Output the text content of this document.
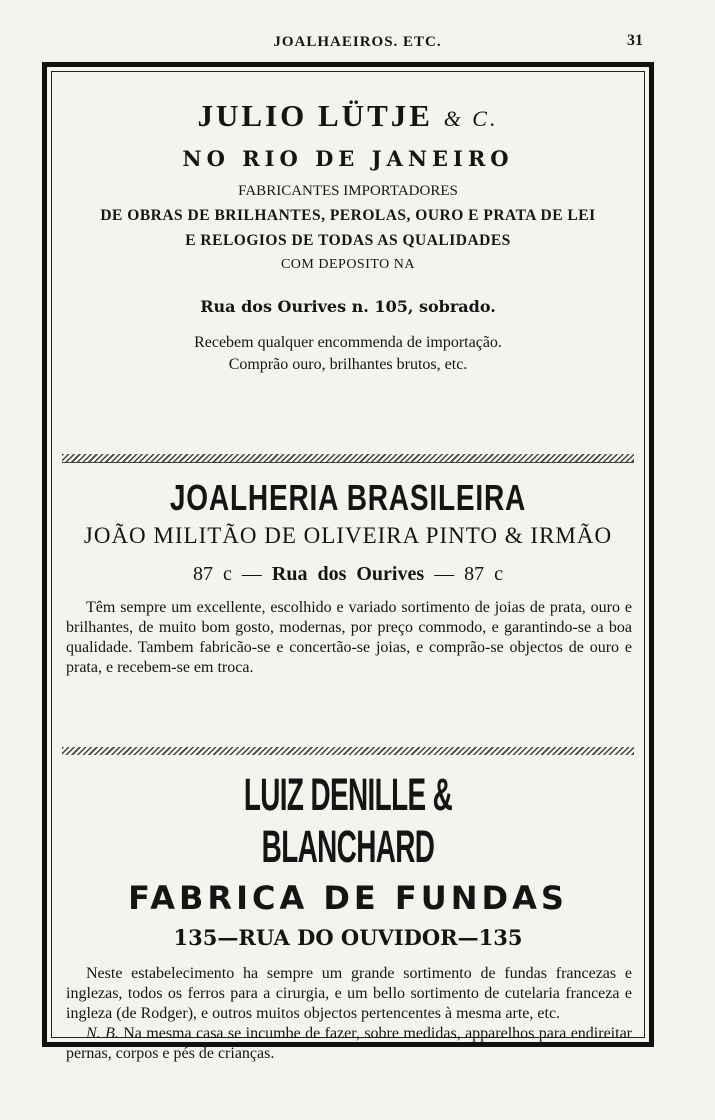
JOALHAEIROS. ETC.	31

JULIO LÜTJE & C.

NO RIO DE JANEIRO

FABRICANTES IMPORTADORES

DE OBRAS DE BRILHANTES, PEROLAS, OURO E PRATA DE LEI

E RELOGIOS DE TODAS AS QUALIDADES

COM DEPOSITO NA

Rua dos Ourives n. 105, sobrado.

Recebem qualquer encommenda de importação.

Comprão ouro, brilhantes brutos, etc.

JOALHERIA BRASILEIRA

JOÃO MILITÃO DE OLIVEIRA PINTO & IRMÃO

87 c — Rua dos Ourives — 87 c

Têm sempre um excellente, escolhido e variado sortimento de joias de prata, ouro e brilhantes, de muito bom gosto, modernas, por preço commodo, e garantindo-se a boa qualidade. Tambem fabricão-se e concertão-se joias, e comprão-se objectos de ouro e prata, e recebem-se em troca.

LUIZ DENILLE & BLANCHARD

FABRICA DE FUNDAS

135—RUA DO OUVIDOR—135

Neste estabelecimento ha sempre um grande sortimento de fundas francezas e inglezas, todos os ferros para a cirurgia, e um bello sortimento de cutelaria franceza e ingleza (de Rodger), e outros muitos objectos pertencentes à mesma arte, etc.

N. B. Na mesma casa se incumbe de fazer, sobre medidas, apparelhos para endireitar pernas, corpos e pés de crianças.
